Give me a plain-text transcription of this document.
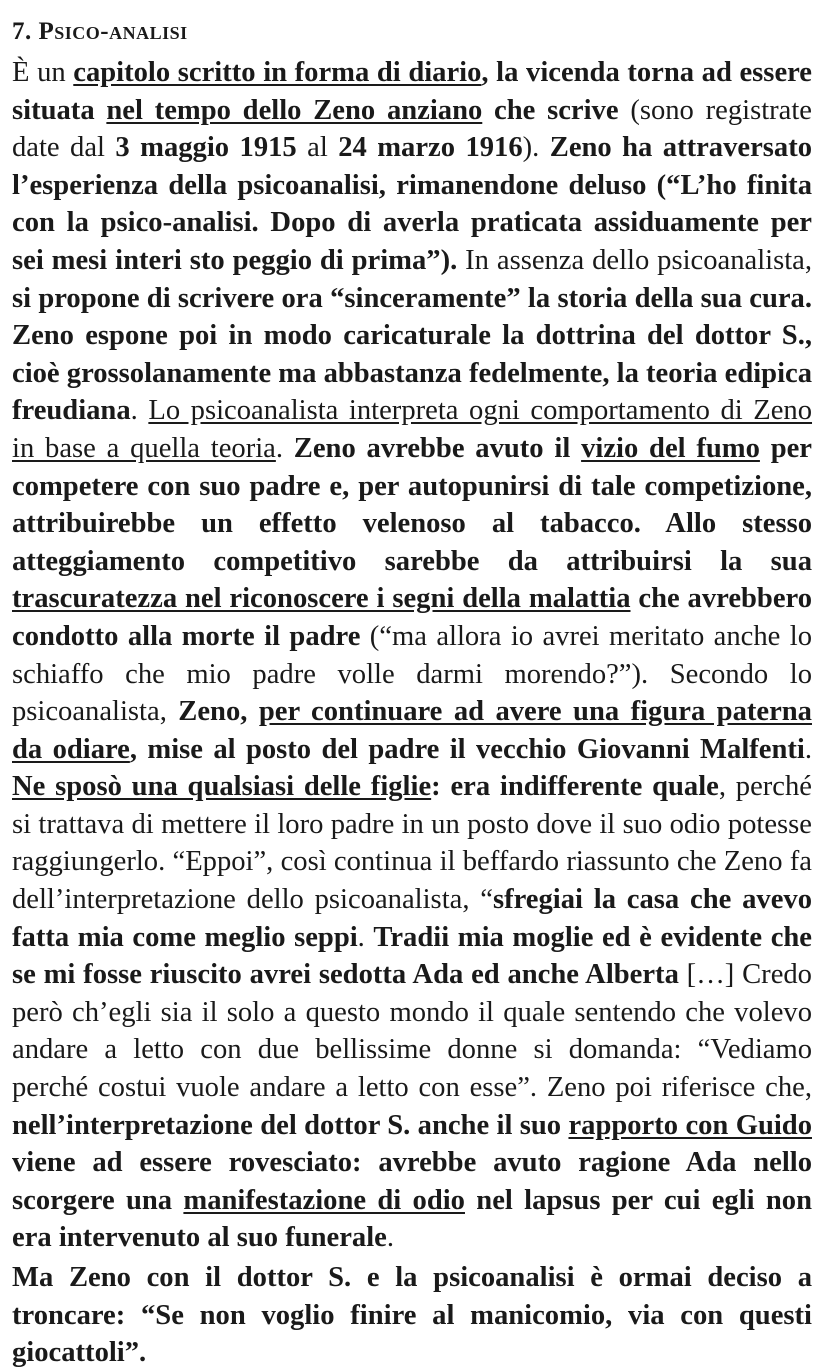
7. Psico-analisi

È un capitolo scritto in forma di diario, la vicenda torna ad essere situata nel tempo dello Zeno anziano che scrive (sono registrate date dal 3 maggio 1915 al 24 marzo 1916). Zeno ha attraversato l’esperienza della psicoanalisi, rimanendone deluso (“L’ho finita con la psico-analisi. Dopo di averla praticata assiduamente per sei mesi interi sto peggio di prima”). In assenza dello psicoanalista, si propone di scrivere ora “sinceramente” la storia della sua cura. Zeno espone poi in modo caricaturale la dottrina del dottor S., cioè grossolanamente ma abbastanza fedelmente, la teoria edipica freudiana. Lo psicoanalista interpreta ogni comportamento di Zeno in base a quella teoria. Zeno avrebbe avuto il vizio del fumo per competere con suo padre e, per autopunirsi di tale competizione, attribuirebbe un effetto velenoso al tabacco. Allo stesso atteggiamento competitivo sarebbe da attribuirsi la sua trascuratezza nel riconoscere i segni della malattia che avrebbero condotto alla morte il padre (“ma allora io avrei meritato anche lo schiaffo che mio padre volle darmi morendo?”). Secondo lo psicoanalista, Zeno, per continuare ad avere una figura paterna da odiare, mise al posto del padre il vecchio Giovanni Malfenti. Ne sposò una qualsiasi delle figlie: era indifferente quale, perché si trattava di mettere il loro padre in un posto dove il suo odio potesse raggiungerlo. “Eppoi”, così continua il beffardo riassunto che Zeno fa dell’interpretazione dello psicoanalista, “sfregiai la casa che avevo fatta mia come meglio seppi. Tradii mia moglie ed è evidente che se mi fosse riuscito avrei sedotta Ada ed anche Alberta […] Credo però ch’egli sia il solo a questo mondo il quale sentendo che volevo andare a letto con due bellissime donne si domanda: “Vediamo perché costui vuole andare a letto con esse”. Zeno poi riferisce che, nell’interpretazione del dottor S. anche il suo rapporto con Guido viene ad essere rovesciato: avrebbe avuto ragione Ada nello scorgere una manifestazione di odio nel lapsus per cui egli non era intervenuto al suo funerale.

Ma Zeno con il dottor S. e la psicoanalisi è ormai deciso a troncare: “Se non voglio finire al manicomio, via con questi giocattoli”.
